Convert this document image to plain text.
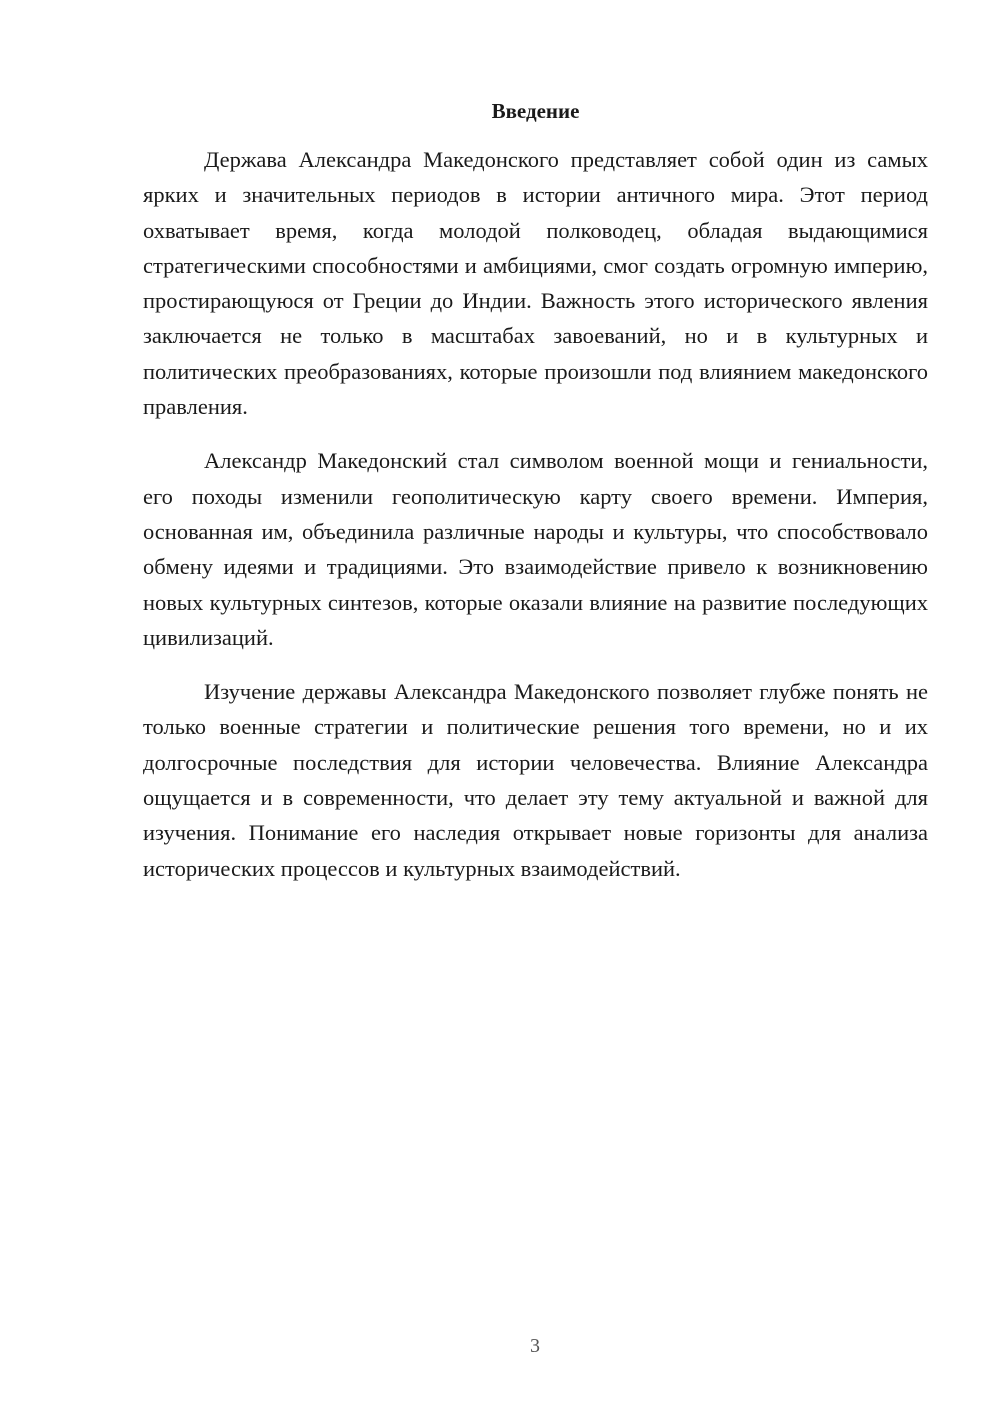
Введение

Держава Александра Македонского представляет собой один из самых ярких и значительных периодов в истории античного мира. Этот период охватывает время, когда молодой полководец, обладая выдающимися стратегическими способностями и амбициями, смог создать огромную империю, простирающуюся от Греции до Индии. Важность этого исторического явления заключается не только в масштабах завоеваний, но и в культурных и политических преобразованиях, которые произошли под влиянием македонского правления.

Александр Македонский стал символом военной мощи и гениальности, его походы изменили геополитическую карту своего времени. Империя, основанная им, объединила различные народы и культуры, что способствовало обмену идеями и традициями. Это взаимодействие привело к возникновению новых культурных синтезов, которые оказали влияние на развитие последующих цивилизаций.

Изучение державы Александра Македонского позволяет глубже понять не только военные стратегии и политические решения того времени, но и их долгосрочные последствия для истории человечества. Влияние Александра ощущается и в современности, что делает эту тему актуальной и важной для изучения. Понимание его наследия открывает новые горизонты для анализа исторических процессов и культурных взаимодействий.

3
